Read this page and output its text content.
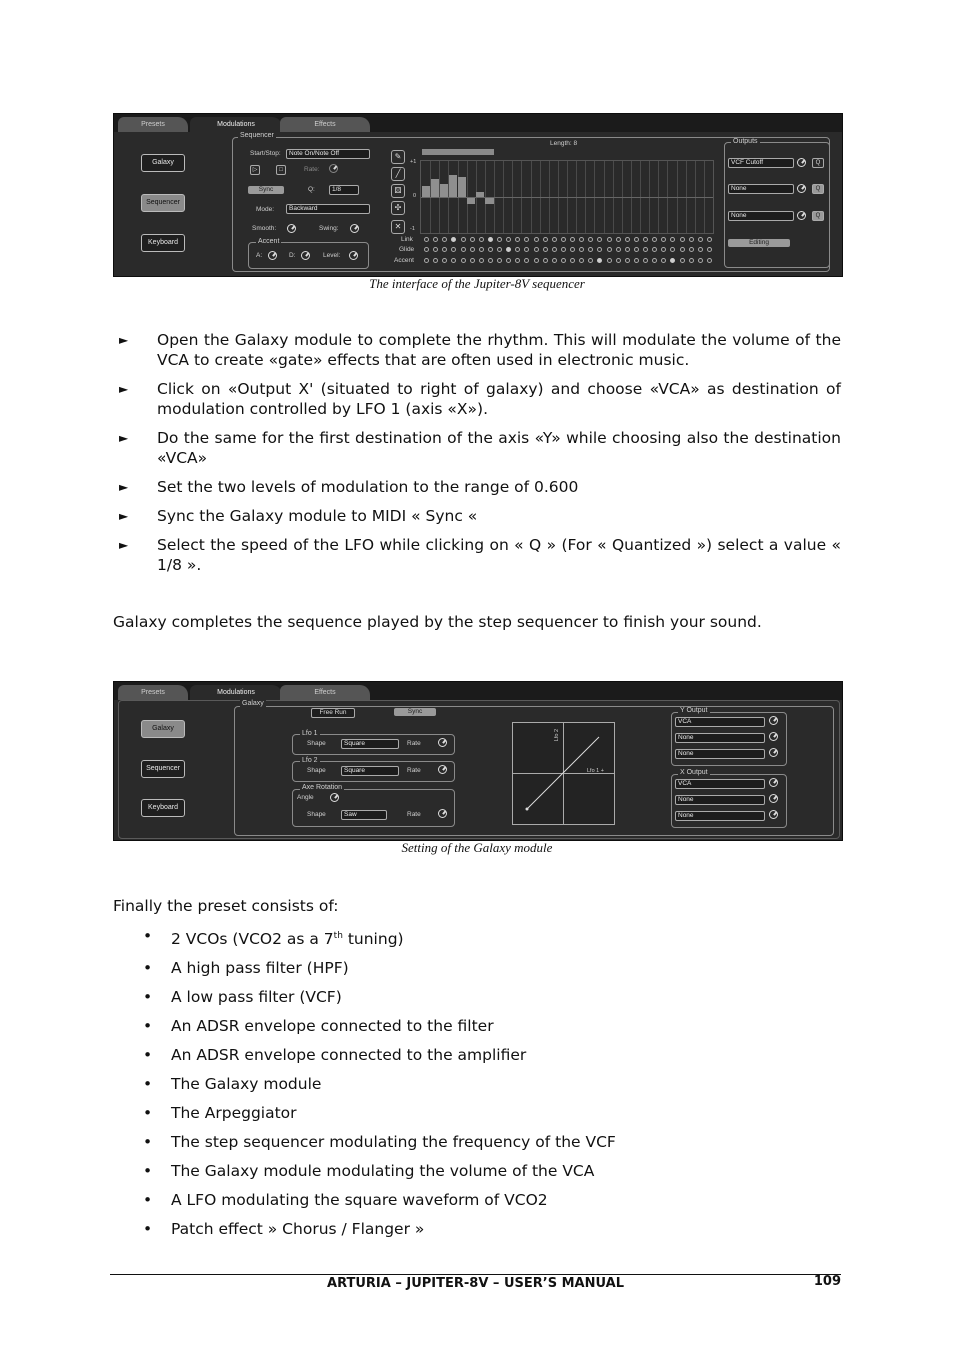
Presets	Modulations	Effects
Galaxy
Sequencer
Keyboard
Sequencer
Start/Stop:	Note On/Note Off
▷	□	Rate:
Sync	Q:	1/8
Mode:	Backward
Smooth:	Swing:
Accent
A:	D:	Level:
✎
╱
⚄
✣
✕
Length: 8
+1
0
-1
Link
Glide
Accent
Outputs
VCF Cutoff	Q
None	Q
None	Q
Editing
The interface of the Jupiter-8V sequencer
► Open the Galaxy module to complete the rhythm. This will modulate the volume of the VCA to create «gate» effects that are often used in electronic music.
► Click on «Output X' (situated to right of galaxy) and choose «VCA» as destination of modulation controlled by LFO 1 (axis «X»).
► Do the same for the first destination of the axis «Y» while choosing also the destination «VCA»
► Set the two levels of modulation to the range of 0.600
► Sync the Galaxy module to MIDI « Sync «
► Select the speed of the LFO while clicking on « Q » (For « Quantized ») select a value « 1/8 ».
Galaxy completes the sequence played by the step sequencer to finish your sound.
Presets	Modulations	Effects
Galaxy
Sequencer
Keyboard
Galaxy
Free Run	Sync
Lfo 1
Shape	Square	Rate
Lfo 2
Shape	Square	Rate
Axe Rotation
Angle
Shape	Saw	Rate
Lfo 2
Lfo 1 +
Y Output
VCA
None
None
X Output
VCA
None
None
Setting of the Galaxy module
Finally the preset consists of:
• 2 VCOs (VCO2 as a 7th tuning)
• A high pass filter (HPF)
• A low pass filter (VCF)
• An ADSR envelope connected to the filter
• An ADSR envelope connected to the amplifier
• The Galaxy module
• The Arpeggiator
• The step sequencer modulating the frequency of the VCF
• The Galaxy module modulating the volume of the VCA
• A LFO modulating the square waveform of VCO2
• Patch effect » Chorus / Flanger »
ARTURIA – JUPITER-8V – USER’S MANUAL	109
